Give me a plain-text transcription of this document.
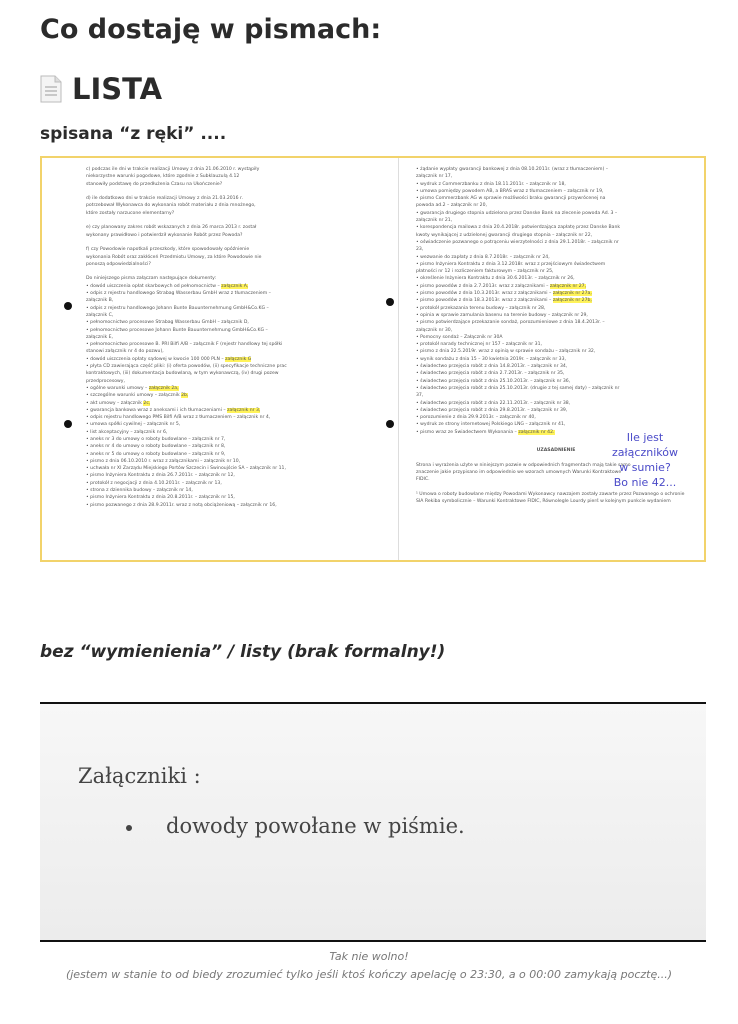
Co dostaję w pismach:
LISTA

spisana “z ręki” ....

c) podczas ile dni w trakcie realizacji Umowy z dnia 21.06.2010 r. wystąpiły
niekorzystne warunki pogodowe, które zgodnie z Subklauzulą 4.12
stanowiły podstawę do przedłużenia Czasu na Ukończenie?

d) ile dodatkowo dni w trakcie realizacji Umowy z dnia 21.03.2016 r.
potrzebował Wykonawca do wykonania robót materiału z dnia mnożnego,
które zostały narzucone elementarny?

e) czy planowany zakres robót wskazanych z dnia 26 marca 2013 r. został
wykonany prawidłowo i potwierdził wykonanie Robót przez Powoda?

f) czy Powodowie napotkali przeszkody, które spowodowały opóźnienie
wykonania Robót oraz zakłóceń Przedmiotu Umowy, za które Powodowie nie
ponoszą odpowiedzialności?

Do niniejszego pisma załączam następujące dokumenty:
• dowód uiszczenia opłat skarbowych od pełnomocnictw – załącznik A,
• odpis z rejestru handlowego Strabag Wasserbau GmbH wraz z tłumaczeniem –
załącznik B,
• odpis z rejestru handlowego Johann Bunte Bauunternehmung GmbH&Co.KG –
załącznik C,
• pełnomocnictwo procesowe Strabag Wasserbau GmbH – załącznik D,
• pełnomocnictwo procesowe Johann Bunte Bauunternehmung GmbH&Co.KG –
załącznik E,
• pełnomocnictwo procesowe B. PRI Bilfi A/B – załącznik F (rejestr handlowy tej spółki
stanowi załącznik nr 4 do pozwu),
• dowód uiszczenia opłaty sądowej w kwocie 100 000 PLN – załącznik G
• płyta CD zawierająca część pliki: (i) oferta powodów, (ii) specyfikacje techniczne prac
kontraktowych, (iii) dokumentacja budowlaną, w tym wykonawczą, (iv) drugi pozew
przedprocesowy,
• ogólne warunki umowy – załącznik 2a,
• szczególne warunki umowy – załącznik 2b,
• akt umowy – załącznik 2c,
• gwarancja bankowa wraz z aneksami i ich tłumaczeniami – załącznik nr 3,
• odpis rejestru handlowego PMS Bilfi A/B wraz z tłumaczeniem – załącznik nr 4,
• umowa spółki cywilnej – załącznik nr 5,
• list akceptacyjny – załącznik nr 6,
• aneks nr 3 do umowy o roboty budowlane – załącznik nr 7,
• aneks nr 4 do umowy o roboty budowlane – załącznik nr 8,
• aneks nr 5 do umowy o roboty budowlane – załącznik nr 9,
• pismo z dnia 06.10.2010 r. wraz z załącznikami – załącznik nr 10,
• uchwała nr XI Zarządu Miejskiego Portów Szczecin i Świnoujście SA – załącznik nr 11,
• pismo Inżyniera Kontraktu z dnia 26.7.2011r. – załącznik nr 12,
• protokół z negocjacji z dnia 4.10.2011r. – załącznik nr 13,
• strona z dziennika budowy – załącznik nr 14,
• pismo Inżyniera Kontraktu z dnia 20.8.2011r. – załącznik nr 15,
• pismo pozwanego z dnia 28.9.2011r. wraz z notą obciążeniową – załącznik nr 16,
• żądanie wypłaty gwarancji bankowej z dnia 08.10.2011r. (wraz z tłumaczeniem) –
załącznik nr 17,
• wydruk z Commerzbanku z dnia 18.11.2011r. – załącznik nr 18,
• umowa pomiędzy powodem AB, a BRAS wraz z tłumaczeniem – załącznik nr 19,
• pismo Commerzbank AG w sprawie możliwości braku gwarancji przywrócenej na
powoda ad.2 – załącznik nr 20,
• gwarancja drugiego stopnia udzielona przez Danske Bank na zlecenie powoda Ad. 3 –
załącznik nr 21,
• korespondencja mailowa z dnia 20.4.2018r. potwierdzająca zapłatę przez Danske Bank
kwoty wynikającej z udzielonej gwarancji drugiego stopnia – załącznik nr 22,
• oświadczenie pozwanego o potrąceniu wierzytelności z dnia 29.1.2018r. – załącznik nr
23,
• wezwanie do zapłaty z dnia 8.7.2018r. – załącznik nr 24,
• pismo Inżyniera Kontraktu z dnia 3.12.2018r. wraz z przejściowym świadectwem
płatności nr 12 i rozliczeniem fakturowym – załącznik nr 25,
• określenie Inżyniera Kontraktu z dnia 30.6.2013r. – załącznik nr 26,
• pismo powodów z dnia 2.7.2013r. wraz z załącznikami – załącznik nr 27,
• pismo powodów z dnia 10.3.2013r. wraz z załącznikami – załącznik nr 27a,
• pismo powodów z dnia 18.3.2013r. wraz z załącznikami – załącznik nr 27b,
• protokół przekazania terenu budowy – załącznik nr 28,
• opinia w sprawie zamulania basenu na terenie budowy – załącznik nr 29,
• pismo potwierdzające przekazanie sondaż, porozumieniowe z dnia 18.4.2013r. –
załącznik nr 30,
• Pomocny sondaż – Załącznik nr 30A
• protokół narady technicznej nr 157 – załącznik nr 31,
• pismo z dnia 22.5.2019r. wraz z opinią w sprawie sondażu – załącznik nr 32,
• wynik sondażu z dnia 15 – 30 kwietnia 2019r. – załącznik nr 33,
• świadectwo przejęcia robót z dnia 14.8.2013r. – załącznik nr 34,
• świadectwo przejęcia robót z dnia 2.7.2013r. – załącznik nr 35,
• świadectwo przejęcia robót z dnia 25.10.2013r. – załącznik nr 36,
• świadectwo przejęcia robót z dnia 25.10.2013r. (drugie z tej samej daty) – załącznik nr
37,
• świadectwo przejęcia robót z dnia 22.11.2013r. – załącznik nr 38,
• świadectwo przejęcia robót z dnia 29.8.2013r. – załącznik nr 39,
• porozumienie z dnia 29.9.2013r. – załącznik nr 40,
• wydruk ze strony internetowej Polskiego LNG – załącznik nr 41,
• pismo wraz ze Świadectwem Wykonania – załącznik nr 42.

UZASADNIENIE

Strona i wyrażenia użyte w niniejszym pozwie w odpowiednich fragmentach mają takie samo
znaczenie jakie przypisano im odpowiednio we wzorach umownych Warunki Kontraktowe
FIDIC.

¹ Umowa o roboty budowlane między Powodami Wykonawcy nawzajem zostały zawarte przez Pozwanego o ochronie
SIA Rekiba symbolicznie – Warunki Kontraktowe FIDIC, Równolegle Lourdy pierś w kolejnym punkcie wydaniem
Ile jest
załączników
w sumie?
Bo nie 42...

bez “wymienienia” / listy (brak formalny!)

Załączniki :
dowody powołane w piśmie.
Tak nie wolno!
(jestem w stanie to od biedy zrozumieć tylko jeśli ktoś kończy apelację o 23:30, a o 00:00 zamykają pocztę...)
